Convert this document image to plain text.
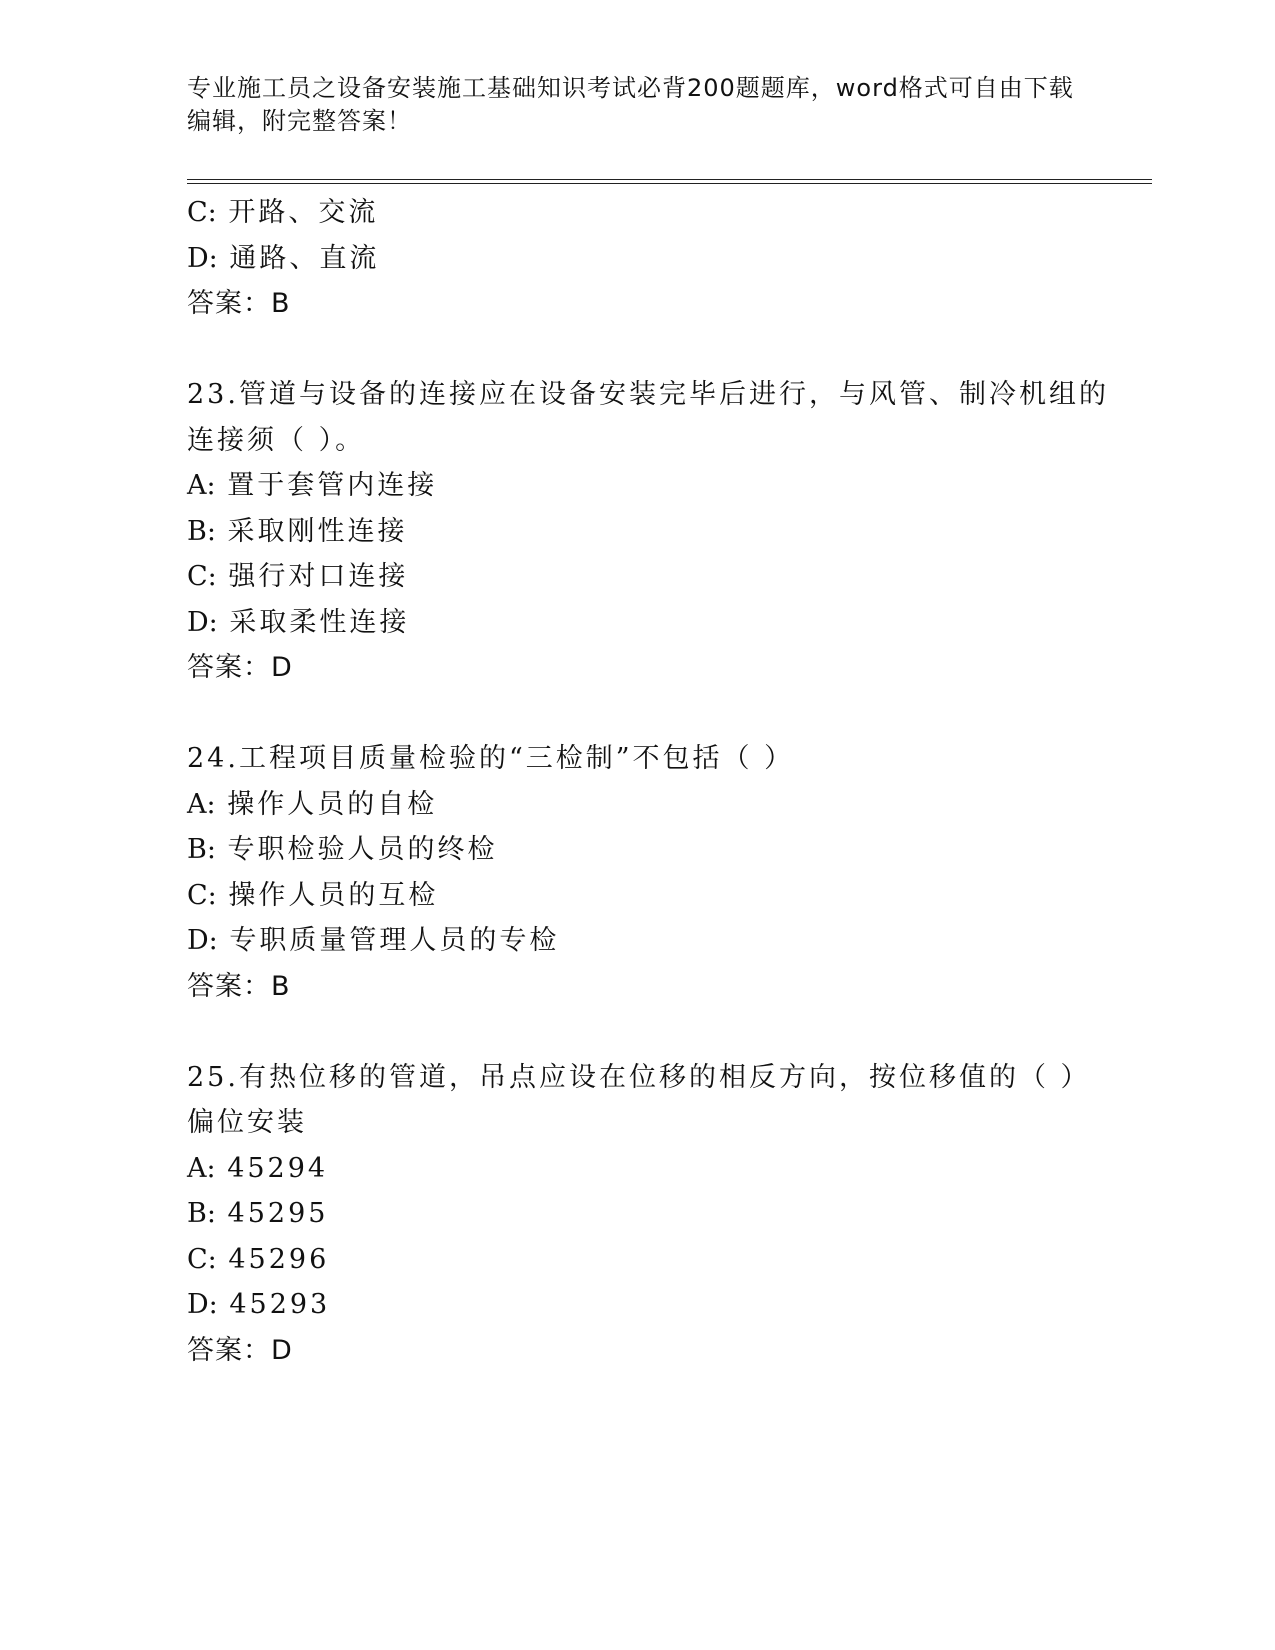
专业施工员之设备安装施工基础知识考试必背200题题库，word格式可自由下载
编辑，附完整答案！
C: 开路、交流
D: 通路、直流
答案：B
23.管道与设备的连接应在设备安装完毕后进行，与风管、制冷机组的
连接须（ ）。
A: 置于套管内连接
B: 采取刚性连接
C: 强行对口连接
D: 采取柔性连接
答案：D
24.工程项目质量检验的“三检制”不包括（ ）
A: 操作人员的自检
B: 专职检验人员的终检
C: 操作人员的互检
D: 专职质量管理人员的专检
答案：B
25.有热位移的管道，吊点应设在位移的相反方向，按位移值的（ ）
偏位安装
A: 45294
B: 45295
C: 45296
D: 45293
答案：D
